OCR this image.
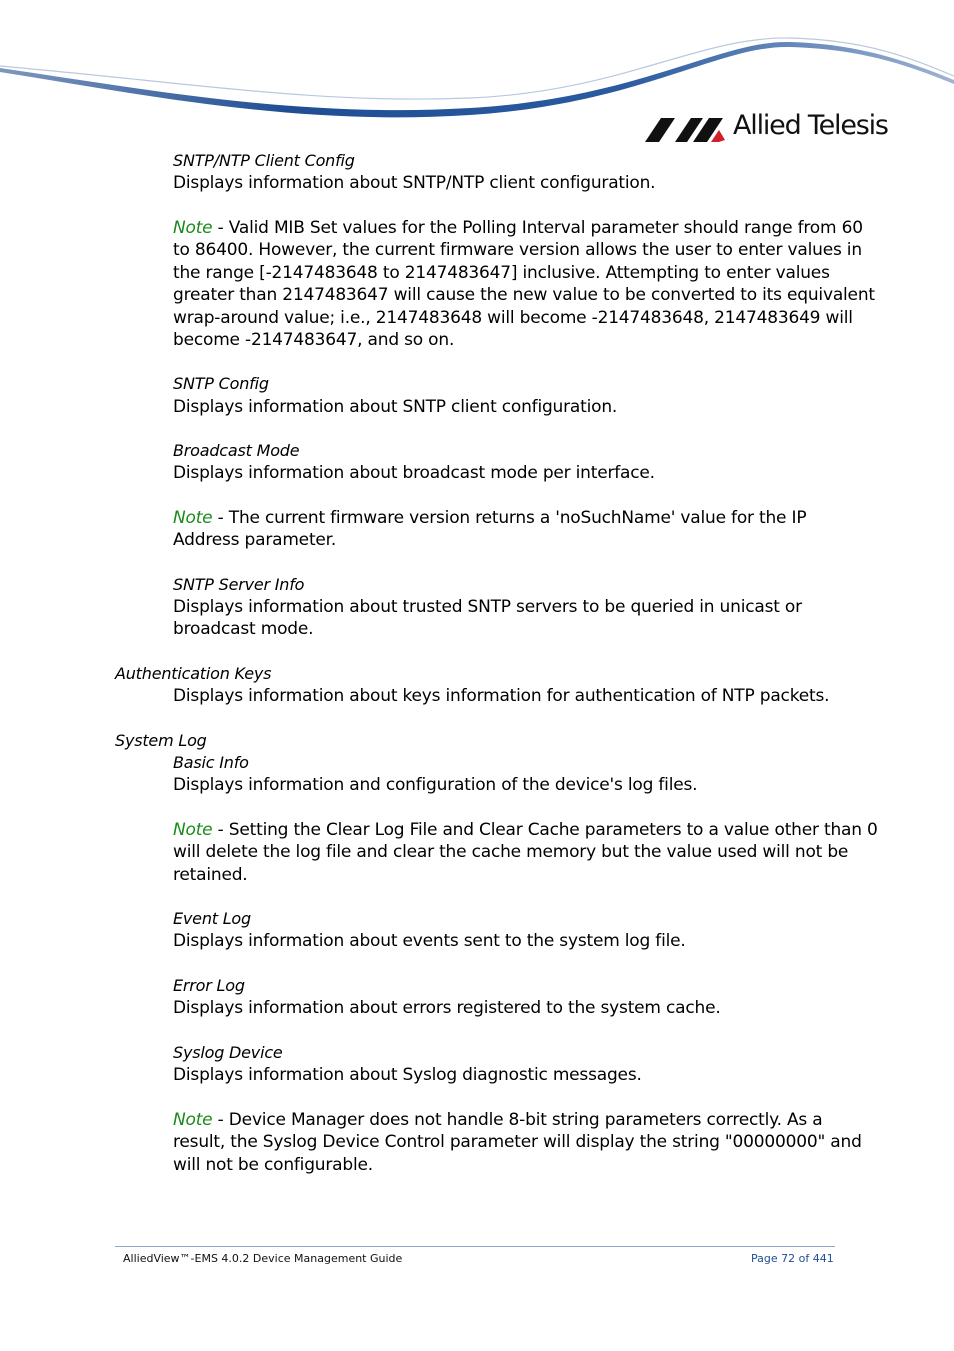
Allied Telesis
SNTP/NTP Client Config
Displays information about SNTP/NTP client configuration.
Note - Valid MIB Set values for the Polling Interval parameter should range from 60
to 86400. However, the current firmware version allows the user to enter values in
the range [-2147483648 to 2147483647] inclusive. Attempting to enter values
greater than 2147483647 will cause the new value to be converted to its equivalent
wrap-around value; i.e., 2147483648 will become -2147483648, 2147483649 will
become -2147483647, and so on.
SNTP Config
Displays information about SNTP client configuration.
Broadcast Mode
Displays information about broadcast mode per interface.
Note - The current firmware version returns a 'noSuchName' value for the IP
Address parameter.
SNTP Server Info
Displays information about trusted SNTP servers to be queried in unicast or
broadcast mode.
Authentication Keys
Displays information about keys information for authentication of NTP packets.
System Log
Basic Info
Displays information and configuration of the device's log files.
Note - Setting the Clear Log File and Clear Cache parameters to a value other than 0
will delete the log file and clear the cache memory but the value used will not be
retained.
Event Log
Displays information about events sent to the system log file.
Error Log
Displays information about errors registered to the system cache.
Syslog Device
Displays information about Syslog diagnostic messages.
Note - Device Manager does not handle 8-bit string parameters correctly. As a
result, the Syslog Device Control parameter will display the string "00000000" and
will not be configurable.
AlliedView™-EMS 4.0.2 Device Management Guide	Page 72 of 441
